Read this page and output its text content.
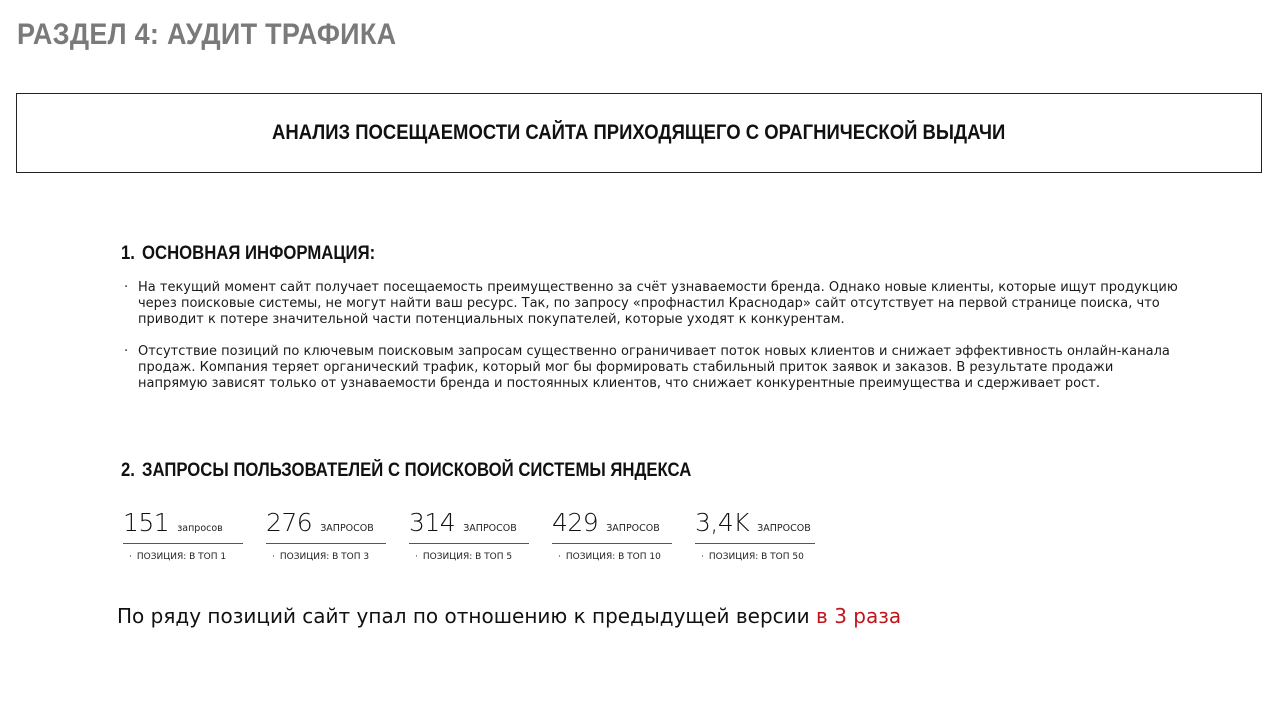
РАЗДЕЛ 4: АУДИТ ТРАФИКА
АНАЛИЗ ПОСЕЩАЕМОСТИ САЙТА ПРИХОДЯЩЕГО С ОРАГНИЧЕСКОЙ ВЫДАЧИ
1. ОСНОВНАЯ ИНФОРМАЦИЯ:
· На текущий момент сайт получает посещаемость преимущественно за счёт узнаваемости бренда. Однако новые клиенты, которые ищут продукцию через поисковые системы, не могут найти ваш ресурс. Так, по запросу «профнастил Краснодар» сайт отсутствует на первой странице поиска, что приводит к потере значительной части потенциальных покупателей, которые уходят к конкурентам.
· Отсутствие позиций по ключевым поисковым запросам существенно ограничивает поток новых клиентов и снижает эффективность онлайн-канала продаж. Компания теряет органический трафик, который мог бы формировать стабильный приток заявок и заказов. В результате продажи напрямую зависят только от узнаваемости бренда и постоянных клиентов, что снижает конкурентные преимущества и сдерживает рост.
2. ЗАПРОСЫ ПОЛЬЗОВАТЕЛЕЙ С ПОИСКОВОЙ СИСТЕМЫ ЯНДЕКСА
151 запросов
· ПОЗИЦИЯ: В ТОП 1
276 ЗАПРОСОВ
· ПОЗИЦИЯ: В ТОП 3
314 ЗАПРОСОВ
· ПОЗИЦИЯ: В ТОП 5
429 ЗАПРОСОВ
· ПОЗИЦИЯ: В ТОП 10
3,4K ЗАПРОСОВ
· ПОЗИЦИЯ: В ТОП 50

По ряду позиций сайт упал по отношению к предыдущей версии в 3 раза
